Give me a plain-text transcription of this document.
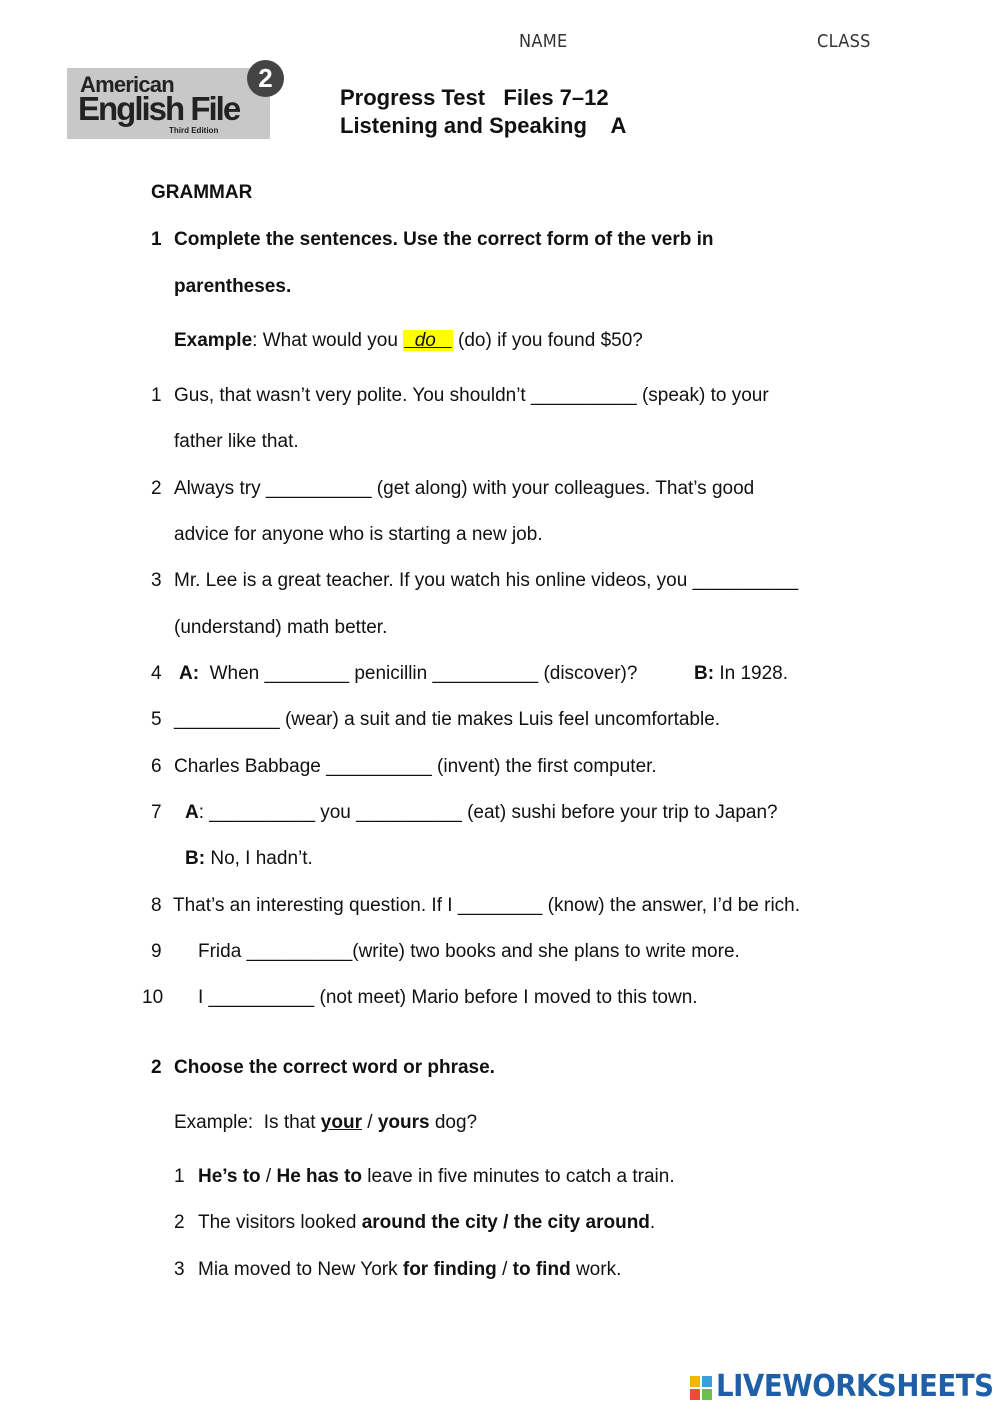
NAME	CLASS
American
English File
Third Edition
2
Progress Test   Files 7–12
Listening and Speaking    A
GRAMMAR
1 Complete the sentences. Use the correct form of the verb in
parentheses.
Example: What would you   do    (do) if you found $50?
1 Gus, that wasn’t very polite. You shouldn’t __________ (speak) to your
father like that.
2 Always try __________ (get along) with your colleagues. That’s good
advice for anyone who is starting a new job.
3 Mr. Lee is a great teacher. If you watch his online videos, you __________
(understand) math better.
4 A:  When ________ penicillin __________ (discover)?	B: In 1928.
5 __________ (wear) a suit and tie makes Luis feel uncomfortable.
6 Charles Babbage __________ (invent) the first computer.
7 A: __________ you __________ (eat) sushi before your trip to Japan?
B: No, I hadn’t.
8 That’s an interesting question. If I ________ (know) the answer, I’d be rich.
9 Frida __________(write) two books and she plans to write more.
10 I __________ (not meet) Mario before I moved to this town.
2 Choose the correct word or phrase.
Example:  Is that your / yours dog?
1 He’s to / He has to leave in five minutes to catch a train.
2 The visitors looked around the city / the city around.
3 Mia moved to New York for finding / to find work.
LIVEWORKSHEETS
